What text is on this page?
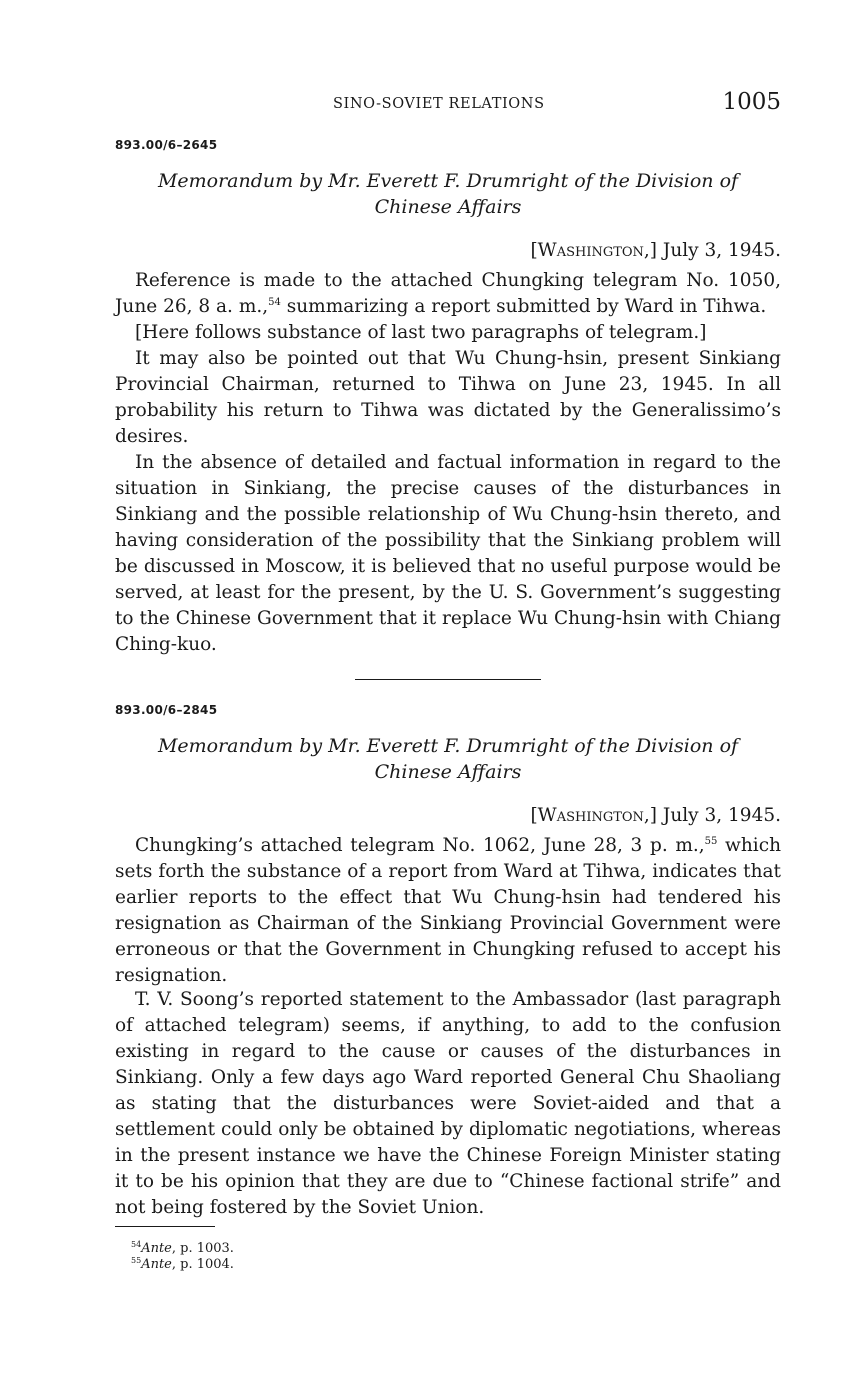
SINO-SOVIET RELATIONS	1005
893.00/6–2645
Memorandum by Mr. Everett F. Drumright of the Division of
Chinese Affairs
[Washington,] July 3, 1945.
Reference is made to the attached Chungking telegram No. 1050, June 26, 8 a. m.,$^{54}$ summarizing a report submitted by Ward in Tihwa.
[Here follows substance of last two paragraphs of telegram.]
It may also be pointed out that Wu Chung-hsin, present Sinkiang Provincial Chairman, returned to Tihwa on June 23, 1945. In all probability his return to Tihwa was dictated by the Generalissimo’s desires.
In the absence of detailed and factual information in regard to the situation in Sinkiang, the precise causes of the disturbances in Sinkiang and the possible relationship of Wu Chung-hsin thereto, and having consideration of the possibility that the Sinkiang problem will be discussed in Moscow, it is believed that no useful purpose would be served, at least for the present, by the U. S. Government’s suggesting to the Chinese Government that it replace Wu Chung-hsin with Chiang Ching-kuo.
893.00/6–2845
Memorandum by Mr. Everett F. Drumright of the Division of
Chinese Affairs
[Washington,] July 3, 1945.
Chungking’s attached telegram No. 1062, June 28, 3 p. m.,$^{55}$ which sets forth the substance of a report from Ward at Tihwa, indicates that earlier reports to the effect that Wu Chung-hsin had tendered his resignation as Chairman of the Sinkiang Provincial Government were erroneous or that the Government in Chungking refused to accept his resignation.
T. V. Soong’s reported statement to the Ambassador (last paragraph of attached telegram) seems, if anything, to add to the confusion existing in regard to the cause or causes of the disturbances in Sinkiang. Only a few days ago Ward reported General Chu Shaoliang as stating that the disturbances were Soviet-aided and that a settlement could only be obtained by diplomatic negotiations, whereas in the present instance we have the Chinese Foreign Minister stating it to be his opinion that they are due to “Chinese factional strife” and not being fostered by the Soviet Union.
$^{54}$Ante, p. 1003.
$^{55}$Ante, p. 1004.
